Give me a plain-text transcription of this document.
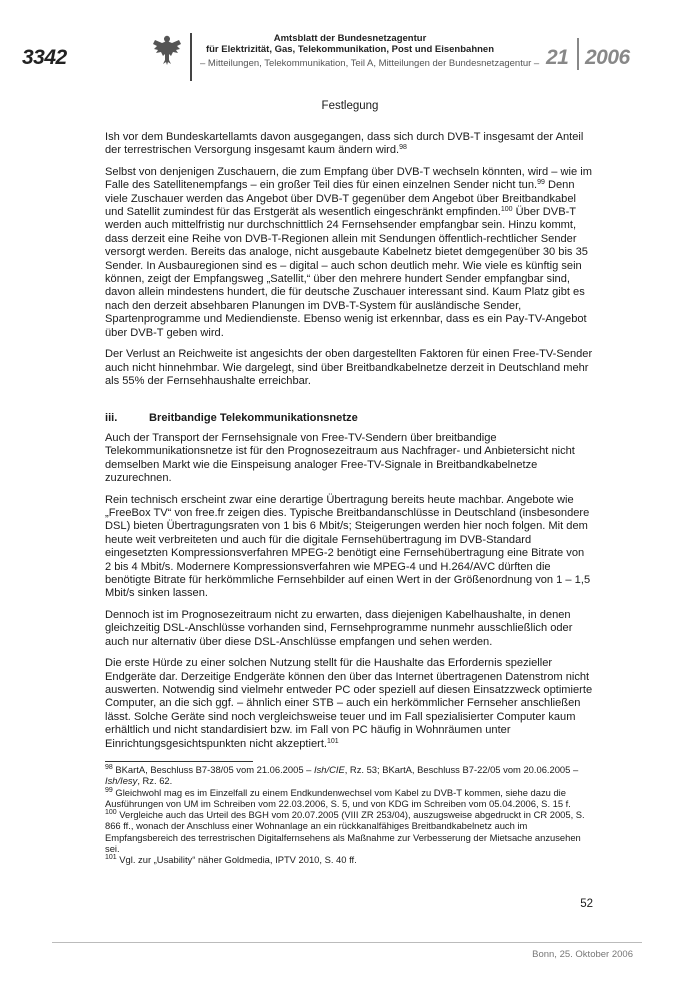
3342
Amtsblatt der Bundesnetzagentur
für Elektrizität, Gas, Telekommunikation, Post und Eisenbahnen
– Mitteilungen, Telekommunikation, Teil A, Mitteilungen der Bundesnetzagentur – 21 2006
Festlegung

Ish vor dem Bundeskartellamts davon ausgegangen, dass sich durch DVB-T insgesamt der Anteil der terrestrischen Versorgung insgesamt kaum ändern wird.$^{98}$

Selbst von denjenigen Zuschauern, die zum Empfang über DVB-T wechseln könnten, wird – wie im Falle des Satellitenempfangs – ein großer Teil dies für einen einzelnen Sender nicht tun.$^{99}$ Denn viele Zuschauer werden das Angebot über DVB-T gegenüber dem Angebot über Breitbandkabel und Satellit zumindest für das Erstgerät als wesentlich eingeschränkt empfinden.$^{100}$ Über DVB-T werden auch mittelfristig nur durchschnittlich 24 Fernsehsender empfangbar sein. Hinzu kommt, dass derzeit eine Reihe von DVB-T-Regionen allein mit Sendungen öffentlich-rechtlicher Sender versorgt werden. Bereits das analoge, nicht ausgebaute Kabelnetz bietet demgegenüber 30 bis 35 Sender. In Ausbauregionen sind es – digital – auch schon deutlich mehr. Wie viele es künftig sein können, zeigt der Empfangsweg „Satellit,“ über den mehrere hundert Sender empfangbar sind, davon allein mindestens hundert, die für deutsche Zuschauer interessant sind. Kaum Platz gibt es nach den derzeit absehbaren Planungen im DVB-T-System für ausländische Sender, Spartenprogramme und Mediendienste. Ebenso wenig ist erkennbar, dass es ein Pay-TV-Angebot über DVB-T geben wird.

Der Verlust an Reichweite ist angesichts der oben dargestellten Faktoren für einen Free-TV-Sender auch nicht hinnehmbar. Wie dargelegt, sind über Breitbandkabelnetze derzeit in Deutschland mehr als 55% der Fernsehhaushalte erreichbar.

iii.	Breitbandige Telekommunikationsnetze

Auch der Transport der Fernsehsignale von Free-TV-Sendern über breitbandige Telekommunikationsnetze ist für den Prognosezeitraum aus Nachfrager- und Anbietersicht nicht demselben Markt wie die Einspeisung analoger Free-TV-Signale in Breitbandkabelnetze zuzurechnen.

Rein technisch erscheint zwar eine derartige Übertragung bereits heute machbar. Angebote wie „FreeBox TV“ von free.fr zeigen dies. Typische Breitbandanschlüsse in Deutschland (insbesondere DSL) bieten Übertragungsraten von 1 bis 6 Mbit/s; Steigerungen werden hier noch folgen. Mit dem heute weit verbreiteten und auch für die digitale Fernsehübertragung im DVB-Standard eingesetzten Kompressionsverfahren MPEG-2 benötigt eine Fernsehübertragung eine Bitrate von 2 bis 4 Mbit/s. Modernere Kompressionsverfahren wie MPEG-4 und H.264/AVC dürften die benötigte Bitrate für herkömmliche Fernsehbilder auf einen Wert in der Größenordnung von 1 – 1,5 Mbit/s sinken lassen.

Dennoch ist im Prognosezeitraum nicht zu erwarten, dass diejenigen Kabelhaushalte, in denen gleichzeitig DSL-Anschlüsse vorhanden sind, Fernsehprogramme nunmehr ausschließlich oder auch nur alternativ über diese DSL-Anschlüsse empfangen und sehen werden.

Die erste Hürde zu einer solchen Nutzung stellt für die Haushalte das Erfordernis spezieller Endgeräte dar. Derzeitige Endgeräte können den über das Internet übertragenen Datenstrom nicht auswerten. Notwendig sind vielmehr entweder PC oder speziell auf diesen Einsatzzweck optimierte Computer, an die sich ggf. – ähnlich einer STB – auch ein herkömmlicher Fernseher anschließen lässt. Solche Geräte sind noch vergleichsweise teuer und im Fall spezialisierter Computer kaum erhältlich und nicht standardisiert bzw. im Fall von PC häufig in Wohnräumen unter Einrichtungsgesichtspunkten nicht akzeptiert.$^{101}$

$^{98}$ BKartA, Beschluss B7-38/05 vom 21.06.2005 – Ish/CIE, Rz. 53; BKartA, Beschluss B7-22/05 vom 20.06.2005 – Ish/Iesy, Rz. 62.
$^{99}$ Gleichwohl mag es im Einzelfall zu einem Endkundenwechsel vom Kabel zu DVB-T kommen, siehe dazu die Ausführungen von UM im Schreiben vom 22.03.2006, S. 5, und von KDG im Schreiben vom 05.04.2006, S. 15 f.
$^{100}$ Vergleiche auch das Urteil des BGH vom 20.07.2005 (VIII ZR 253/04), auszugsweise abgedruckt in CR 2005, S. 866 ff., wonach der Anschluss einer Wohnanlage an ein rückkanalfähiges Breitbandkabelnetz auch im Empfangsbereich des terrestrischen Digitalfernsehens als Maßnahme zur Verbesserung der Mietsache anzusehen sei.
$^{101}$ Vgl. zur „Usability“ näher Goldmedia, IPTV 2010, S. 40 ff.
52
Bonn, 25. Oktober 2006
